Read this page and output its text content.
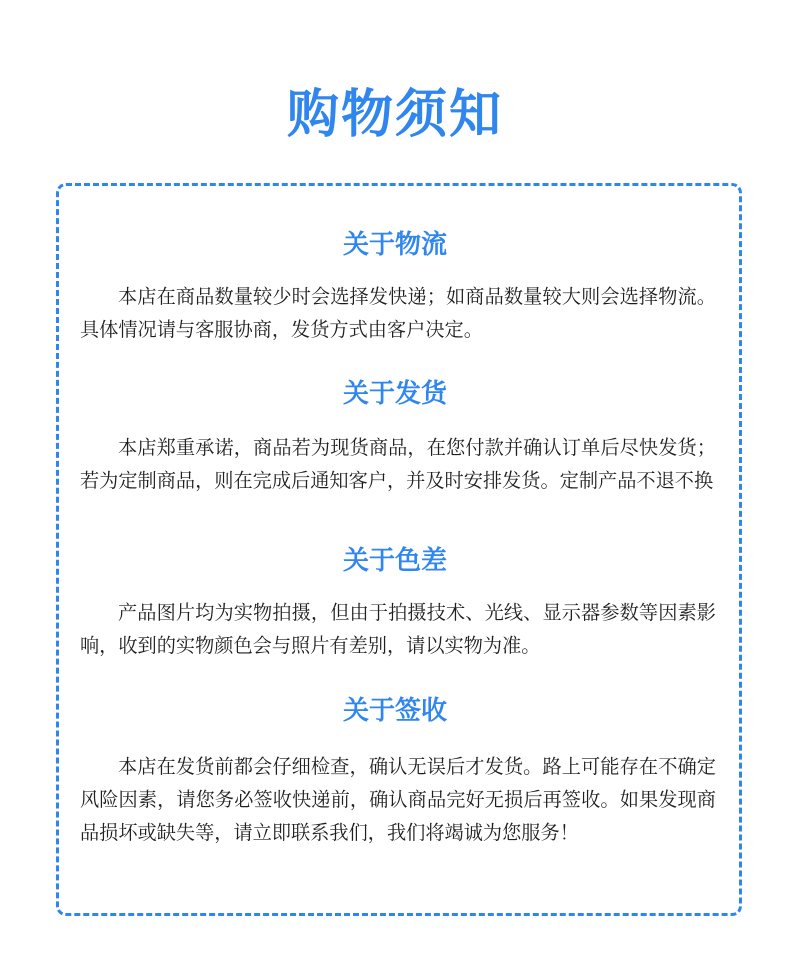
购物须知
关于物流

本店在商品数量较少时会选择发快递；如商品数量较大则会选择物流。具体情况请与客服协商，发货方式由客户决定。

关于发货

本店郑重承诺，商品若为现货商品，在您付款并确认订单后尽快发货；若为定制商品，则在完成后通知客户，并及时安排发货。定制产品不退不换

关于色差

产品图片均为实物拍摄，但由于拍摄技术、光线、显示器参数等因素影响，收到的实物颜色会与照片有差别，请以实物为准。

关于签收

本店在发货前都会仔细检查，确认无误后才发货。路上可能存在不确定风险因素，请您务必签收快递前，确认商品完好无损后再签收。如果发现商品损坏或缺失等，请立即联系我们，我们将竭诚为您服务！
